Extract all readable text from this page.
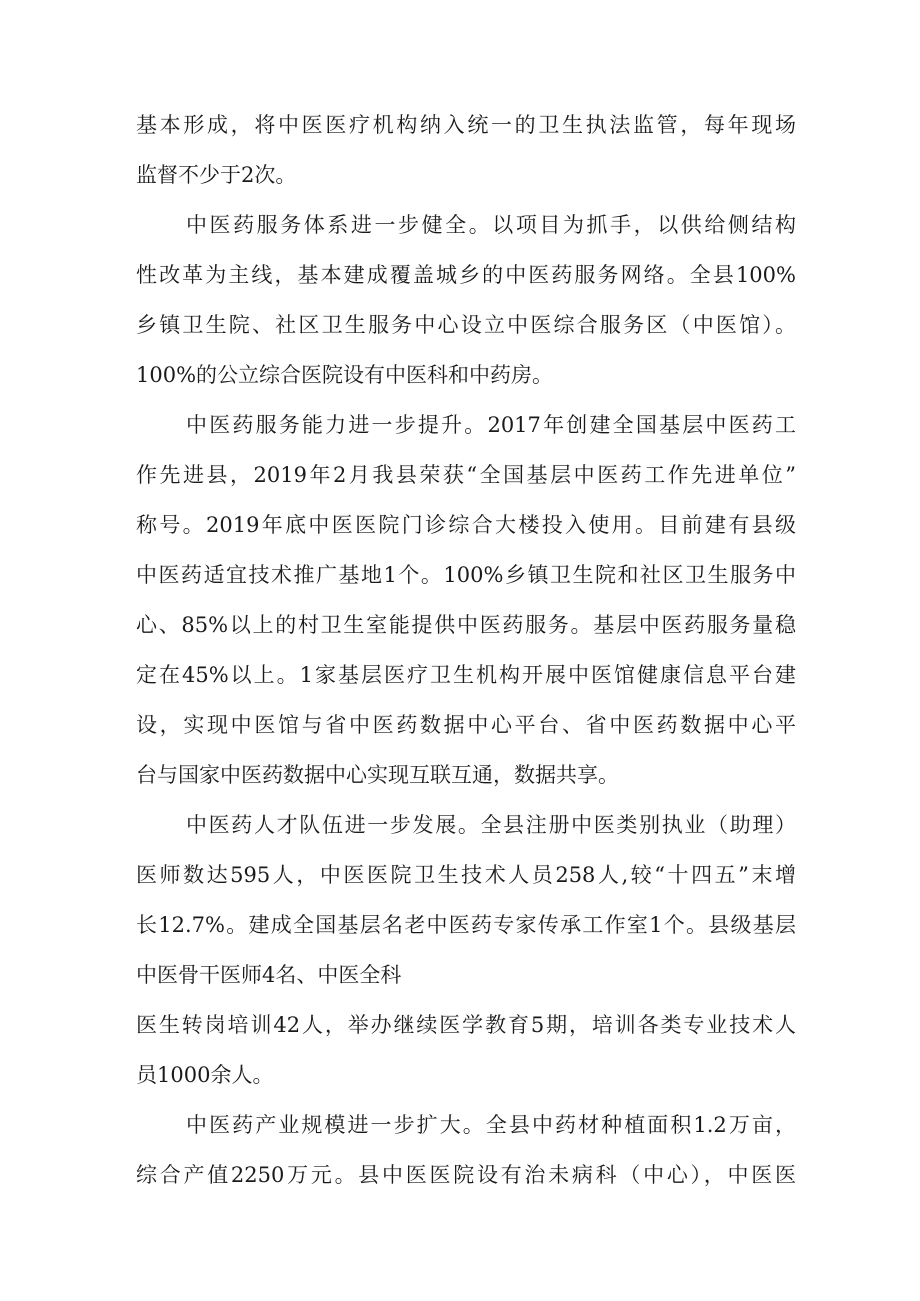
基本形成，将中医医疗机构纳入统一的卫生执法监管，每年现场
监督不少于2次。
中医药服务体系进一步健全。以项目为抓手，以供给侧结构
性改革为主线，基本建成覆盖城乡的中医药服务网络。全县100%
乡镇卫生院、社区卫生服务中心设立中医综合服务区（中医馆）。
100%的公立综合医院设有中医科和中药房。
中医药服务能力进一步提升。2017年创建全国基层中医药工
作先进县，2019年2月我县荣获“全国基层中医药工作先进单位”
称号。2019年底中医医院门诊综合大楼投入使用。目前建有县级
中医药适宜技术推广基地1个。100%乡镇卫生院和社区卫生服务中
心、85%以上的村卫生室能提供中医药服务。基层中医药服务量稳
定在45%以上。1家基层医疗卫生机构开展中医馆健康信息平台建
设，实现中医馆与省中医药数据中心平台、省中医药数据中心平
台与国家中医药数据中心实现互联互通，数据共享。
中医药人才队伍进一步发展。全县注册中医类别执业（助理）
医师数达595人，中医医院卫生技术人员258人,较“十四五”末增
长12.7%。建成全国基层名老中医药专家传承工作室1个。县级基层
中医骨干医师4名、中医全科
医生转岗培训42人，举办继续医学教育5期，培训各类专业技术人
员1000余人。
中医药产业规模进一步扩大。全县中药材种植面积1.2万亩，
综合产值2250万元。县中医医院设有治未病科（中心），中医医
